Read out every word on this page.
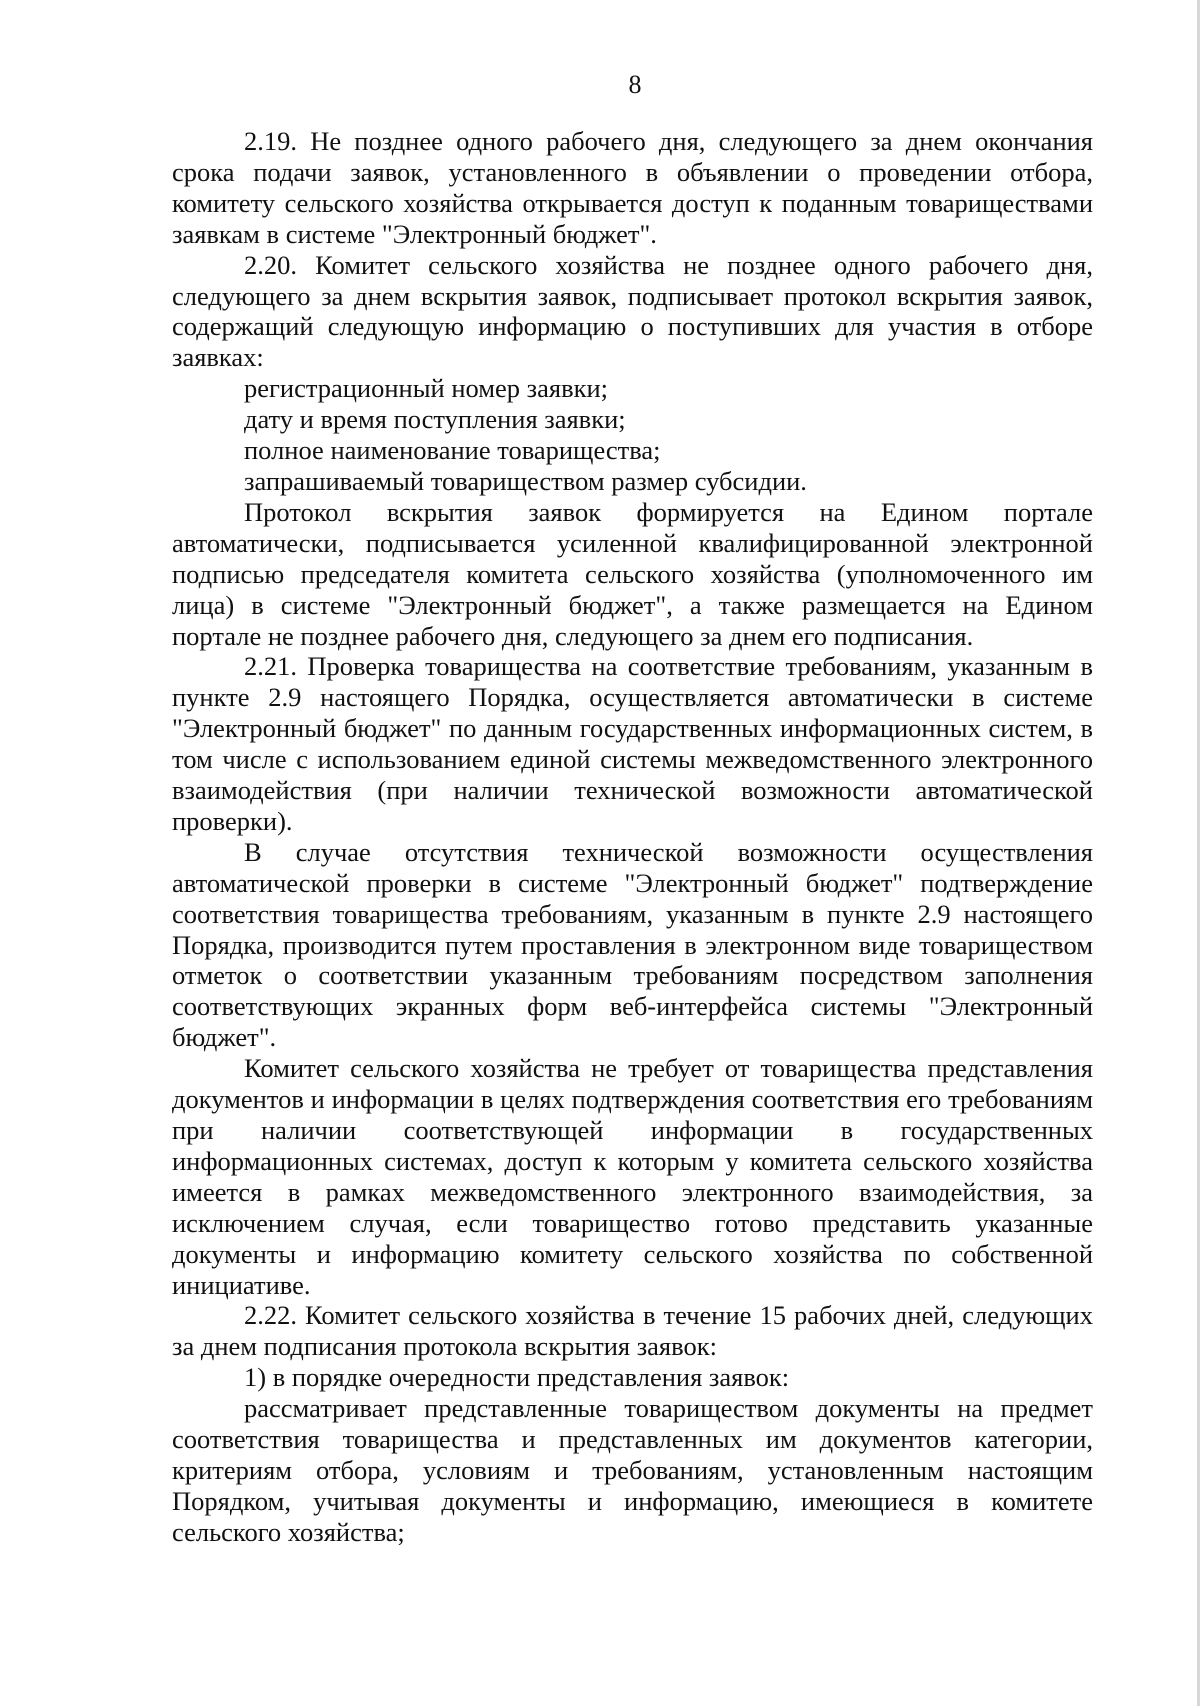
8

2.19. Не позднее одного рабочего дня, следующего за днем окончания срока подачи заявок, установленного в объявлении о проведении отбора, комитету сельского хозяйства открывается доступ к поданным товариществами заявкам в системе "Электронный бюджет".

2.20. Комитет сельского хозяйства не позднее одного рабочего дня, следующего за днем вскрытия заявок, подписывает протокол вскрытия заявок, содержащий следующую информацию о поступивших для участия в отборе заявках:

регистрационный номер заявки;

дату и время поступления заявки;

полное наименование товарищества;

запрашиваемый товариществом размер субсидии.

Протокол вскрытия заявок формируется на Едином портале автоматически, подписывается усиленной квалифицированной электронной подписью председателя комитета сельского хозяйства (уполномоченного им лица) в системе "Электронный бюджет", а также размещается на Едином портале не позднее рабочего дня, следующего за днем его подписания.

2.21. Проверка товарищества на соответствие требованиям, указанным в пункте 2.9 настоящего Порядка, осуществляется автоматически в системе "Электронный бюджет" по данным государственных информационных систем, в том числе с использованием единой системы межведомственного электронного взаимодействия (при наличии технической возможности автоматической проверки).

В случае отсутствия технической возможности осуществления автоматической проверки в системе "Электронный бюджет" подтверждение соответствия товарищества требованиям, указанным в пункте 2.9 настоящего Порядка, производится путем проставления в электронном виде товариществом отметок о соответствии указанным требованиям посредством заполнения соответствующих экранных форм веб-интерфейса системы "Электронный бюджет".

Комитет сельского хозяйства не требует от товарищества представления документов и информации в целях подтверждения соответствия его требованиям при наличии соответствующей информации в государственных информационных системах, доступ к которым у комитета сельского хозяйства имеется в рамках межведомственного электронного взаимодействия, за исключением случая, если товарищество готово представить указанные документы и информацию комитету сельского хозяйства по собственной инициативе.

2.22. Комитет сельского хозяйства в течение 15 рабочих дней, следующих за днем подписания протокола вскрытия заявок:

1) в порядке очередности представления заявок:

рассматривает представленные товариществом документы на предмет соответствия товарищества и представленных им документов категории, критериям отбора, условиям и требованиям, установленным настоящим Порядком, учитывая документы и информацию, имеющиеся в комитете сельского хозяйства;
